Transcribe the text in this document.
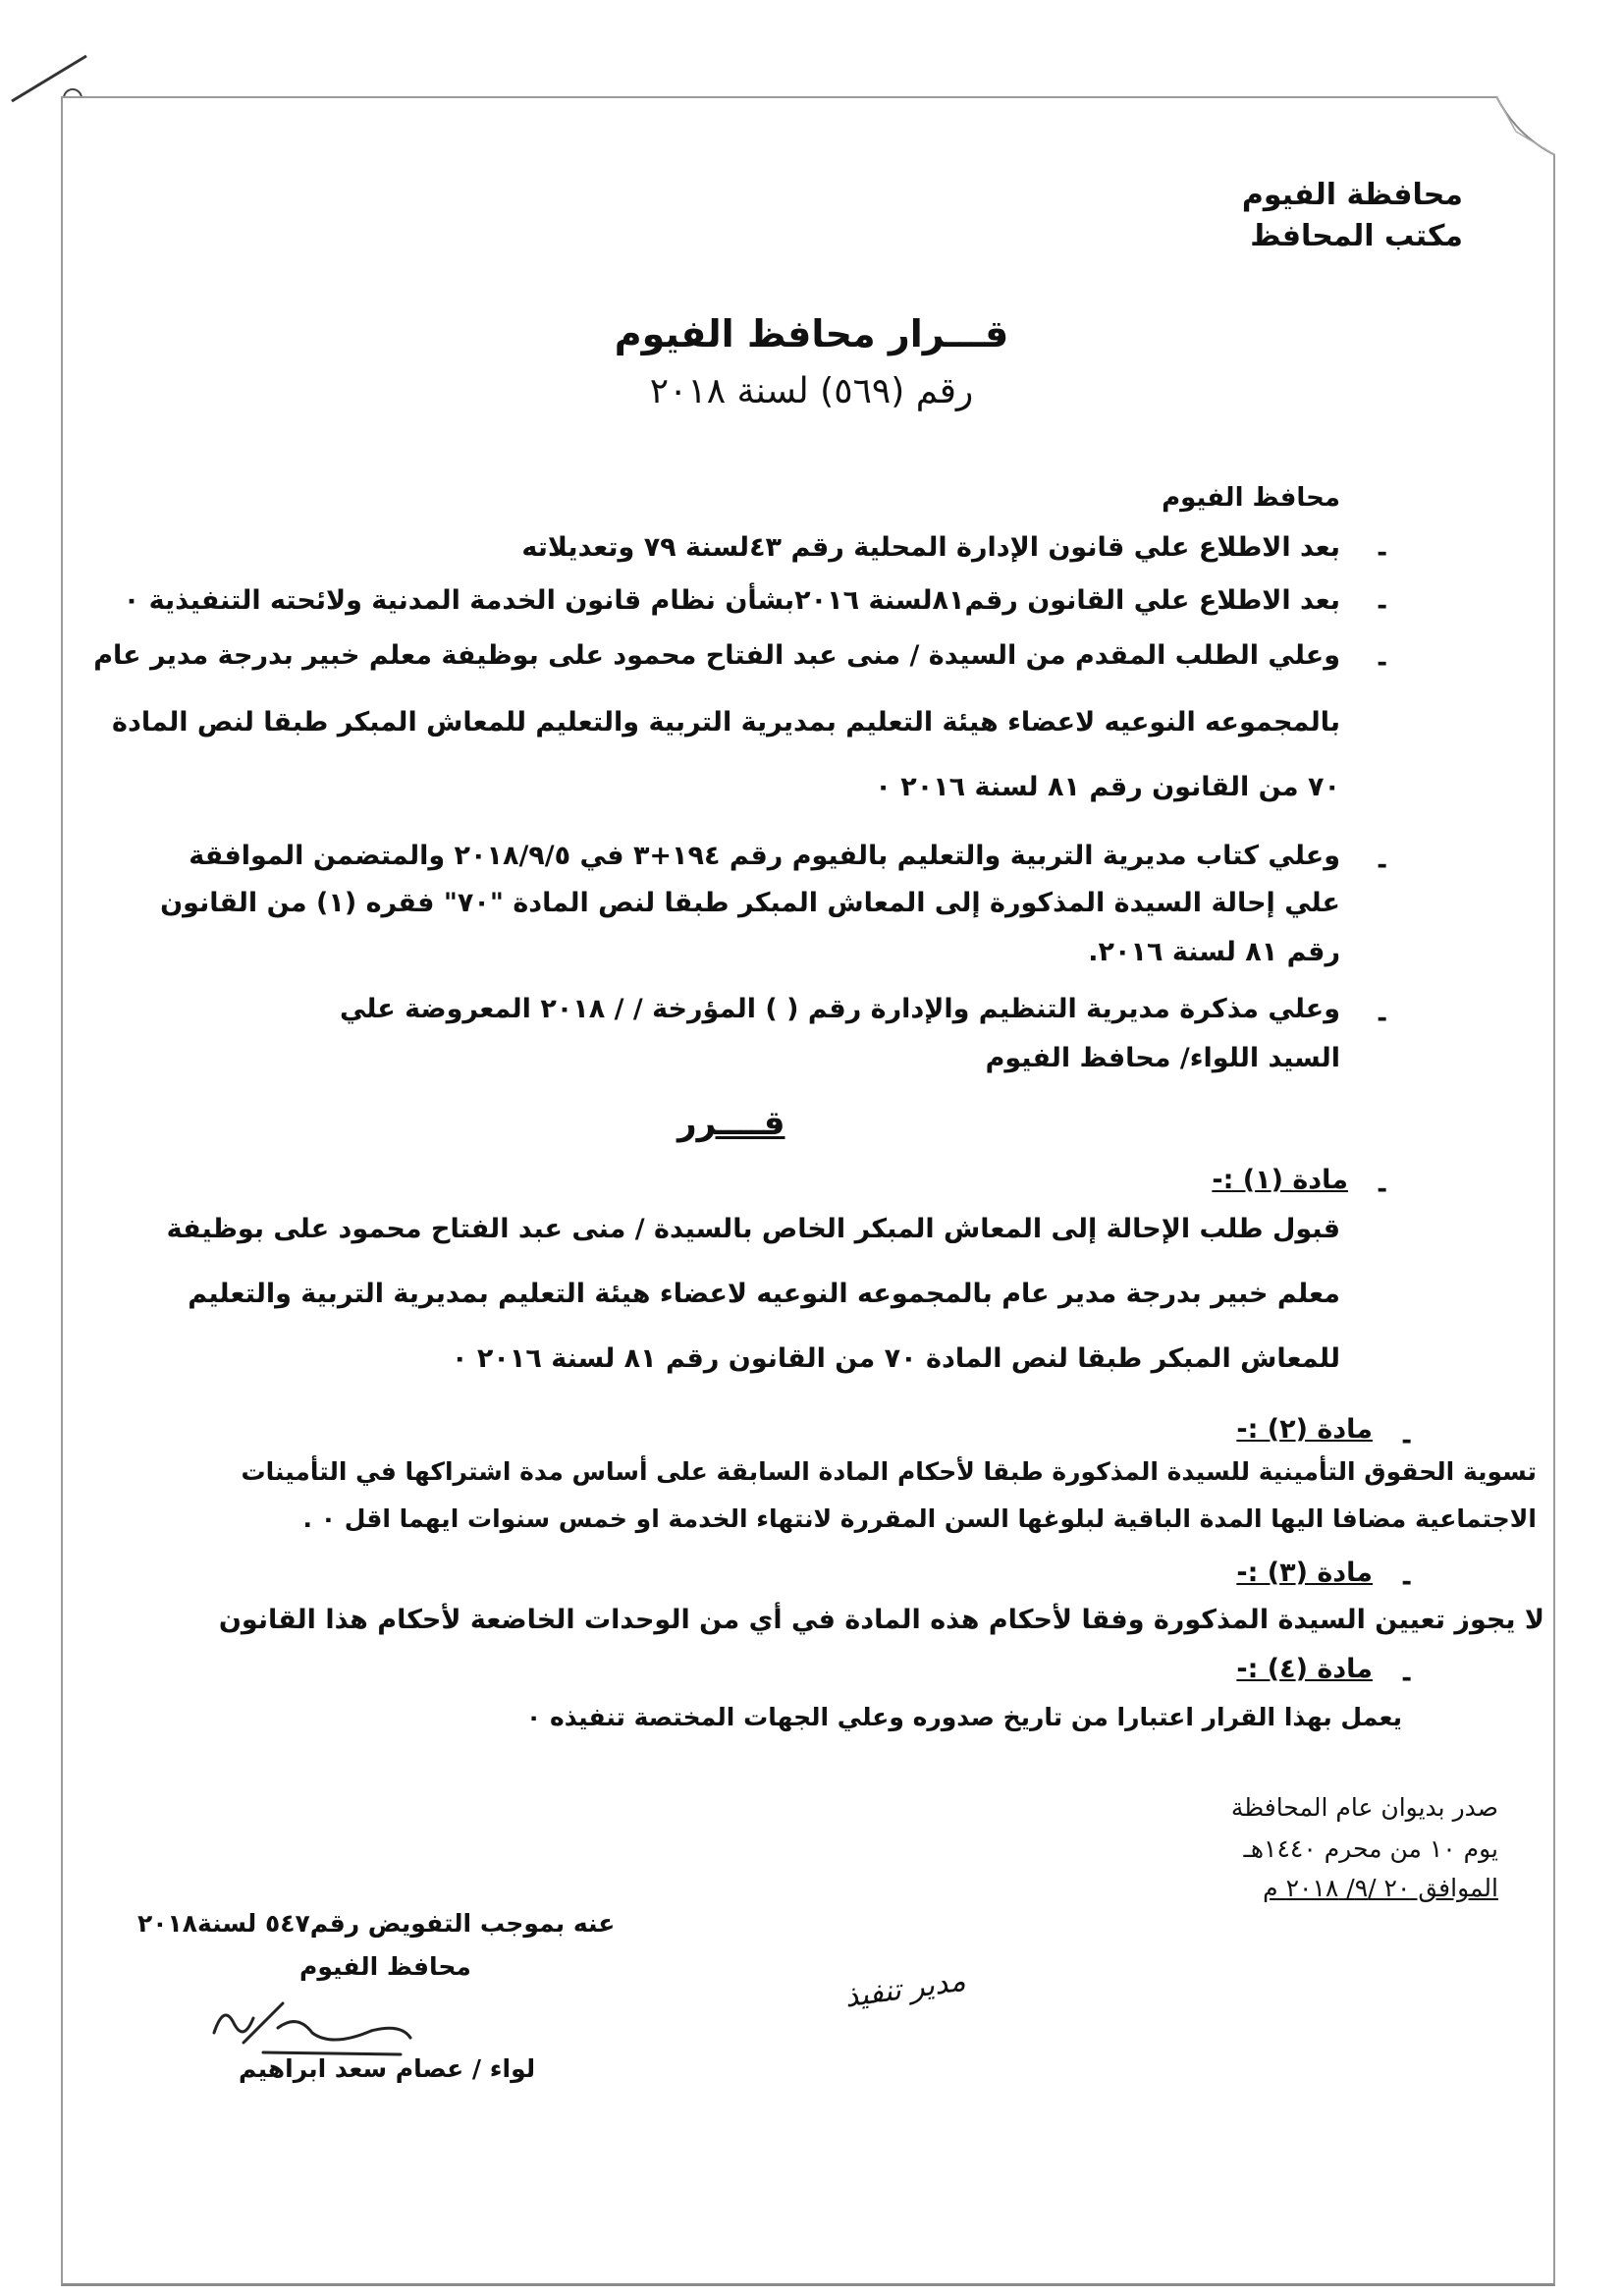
محافظة الفيوم
مكتب المحافظ
قـــرار محافظ الفيوم
رقم (٥٦٩) لسنة ٢٠١٨
محافظ الفيوم
-
بعد الاطلاع علي قانون الإدارة المحلية رقم ٤٣لسنة ٧٩ وتعديلاته
-
بعد الاطلاع علي القانون رقم٨١لسنة ٢٠١٦بشأن نظام قانون الخدمة المدنية ولائحته التنفيذية ٠
-
وعلي الطلب المقدم من السيدة / منى عبد الفتاح محمود على بوظيفة معلم خبير بدرجة مدير عام
بالمجموعه النوعيه لاعضاء هيئة التعليم بمديرية التربية والتعليم للمعاش المبكر طبقا لنص المادة
٧٠ من القانون رقم ٨١ لسنة ٢٠١٦ ٠
-
وعلي كتاب مديرية التربية والتعليم بالفيوم رقم ١٩٤+٣ في ٢٠١٨/٩/٥ والمتضمن الموافقة
علي إحالة السيدة المذكورة إلى المعاش المبكر طبقا لنص المادة "٧٠" فقره (١) من القانون
رقم ٨١ لسنة ٢٠١٦.
-
وعلي مذكرة مديرية التنظيم والإدارة رقم ( ) المؤرخة / / ٢٠١٨ المعروضة علي
السيد اللواء/ محافظ الفيوم
قــــرر
-
مادة (١) :-
قبول طلب الإحالة إلى المعاش المبكر الخاص بالسيدة / منى عبد الفتاح محمود على بوظيفة
معلم خبير بدرجة مدير عام بالمجموعه النوعيه لاعضاء هيئة التعليم بمديرية التربية والتعليم
للمعاش المبكر طبقا لنص المادة ٧٠ من القانون رقم ٨١ لسنة ٢٠١٦ ٠
-
مادة (٢) :-
تسوية الحقوق التأمينية للسيدة المذكورة طبقا لأحكام المادة السابقة على أساس مدة اشتراكها في التأمينات
الاجتماعية مضافا اليها المدة الباقية لبلوغها السن المقررة لانتهاء الخدمة او خمس سنوات ايهما اقل ٠ .
-
مادة (٣) :-
لا يجوز تعيين السيدة المذكورة وفقا لأحكام هذه المادة في أي من الوحدات الخاضعة لأحكام هذا القانون
-
مادة (٤) :-
يعمل بهذا القرار اعتبارا من تاريخ صدوره وعلي الجهات المختصة تنفيذه ٠
صدر بديوان عام المحافظة
يوم ١٠ من محرم ١٤٤٠هـ
الموافق ٢٠ /٩/ ٢٠١٨ م
عنه بموجب التفويض رقم٥٤٧ لسنة٢٠١٨
محافظ الفيوم
لواء / عصام سعد ابراهيم
مدير تنفيذ
